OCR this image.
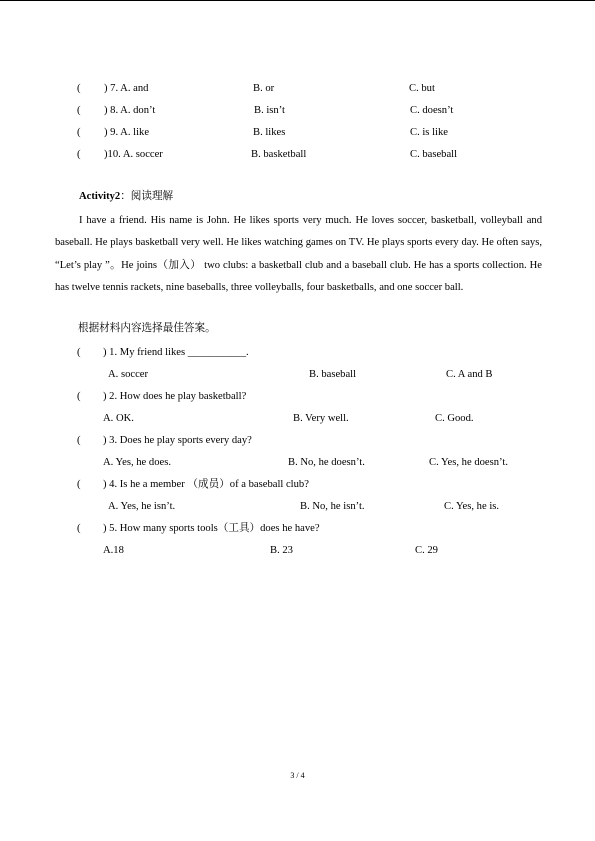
( ) 7. A. and	B. or	C. but
( ) 8. A. don’t	B. isn’t	C. doesn’t
( ) 9. A. like	B. likes	C. is like
( )10. A. soccer	B. basketball	C. baseball
Activity2：阅读理解
I have a friend. His name is John. He likes sports very much. He loves soccer, basketball, volleyball and baseball. He plays basketball very well. He likes watching games on TV. He plays sports every day. He often says, “Let’s play ”。He joins（加入） two clubs: a basketball club and a baseball club. He has a sports collection. He has twelve tennis rackets, nine baseballs, three volleyballs, four basketballs, and one soccer ball.
根据材料内容选择最佳答案。
( ) 1. My friend likes ___________.
A. soccer	B. baseball	C. A and B
( ) 2. How does he play basketball?
A. OK.	B. Very well.	C. Good.
( ) 3. Does he play sports every day?
A. Yes, he does.	B. No, he doesn’t.	C. Yes, he doesn’t.
( ) 4. Is he a member （成员）of a baseball club?
A. Yes, he isn’t.	B. No, he isn’t.	C. Yes, he is.
( ) 5. How many sports tools（工具）does he have?
A.18	B. 23	C. 29
3 / 4
